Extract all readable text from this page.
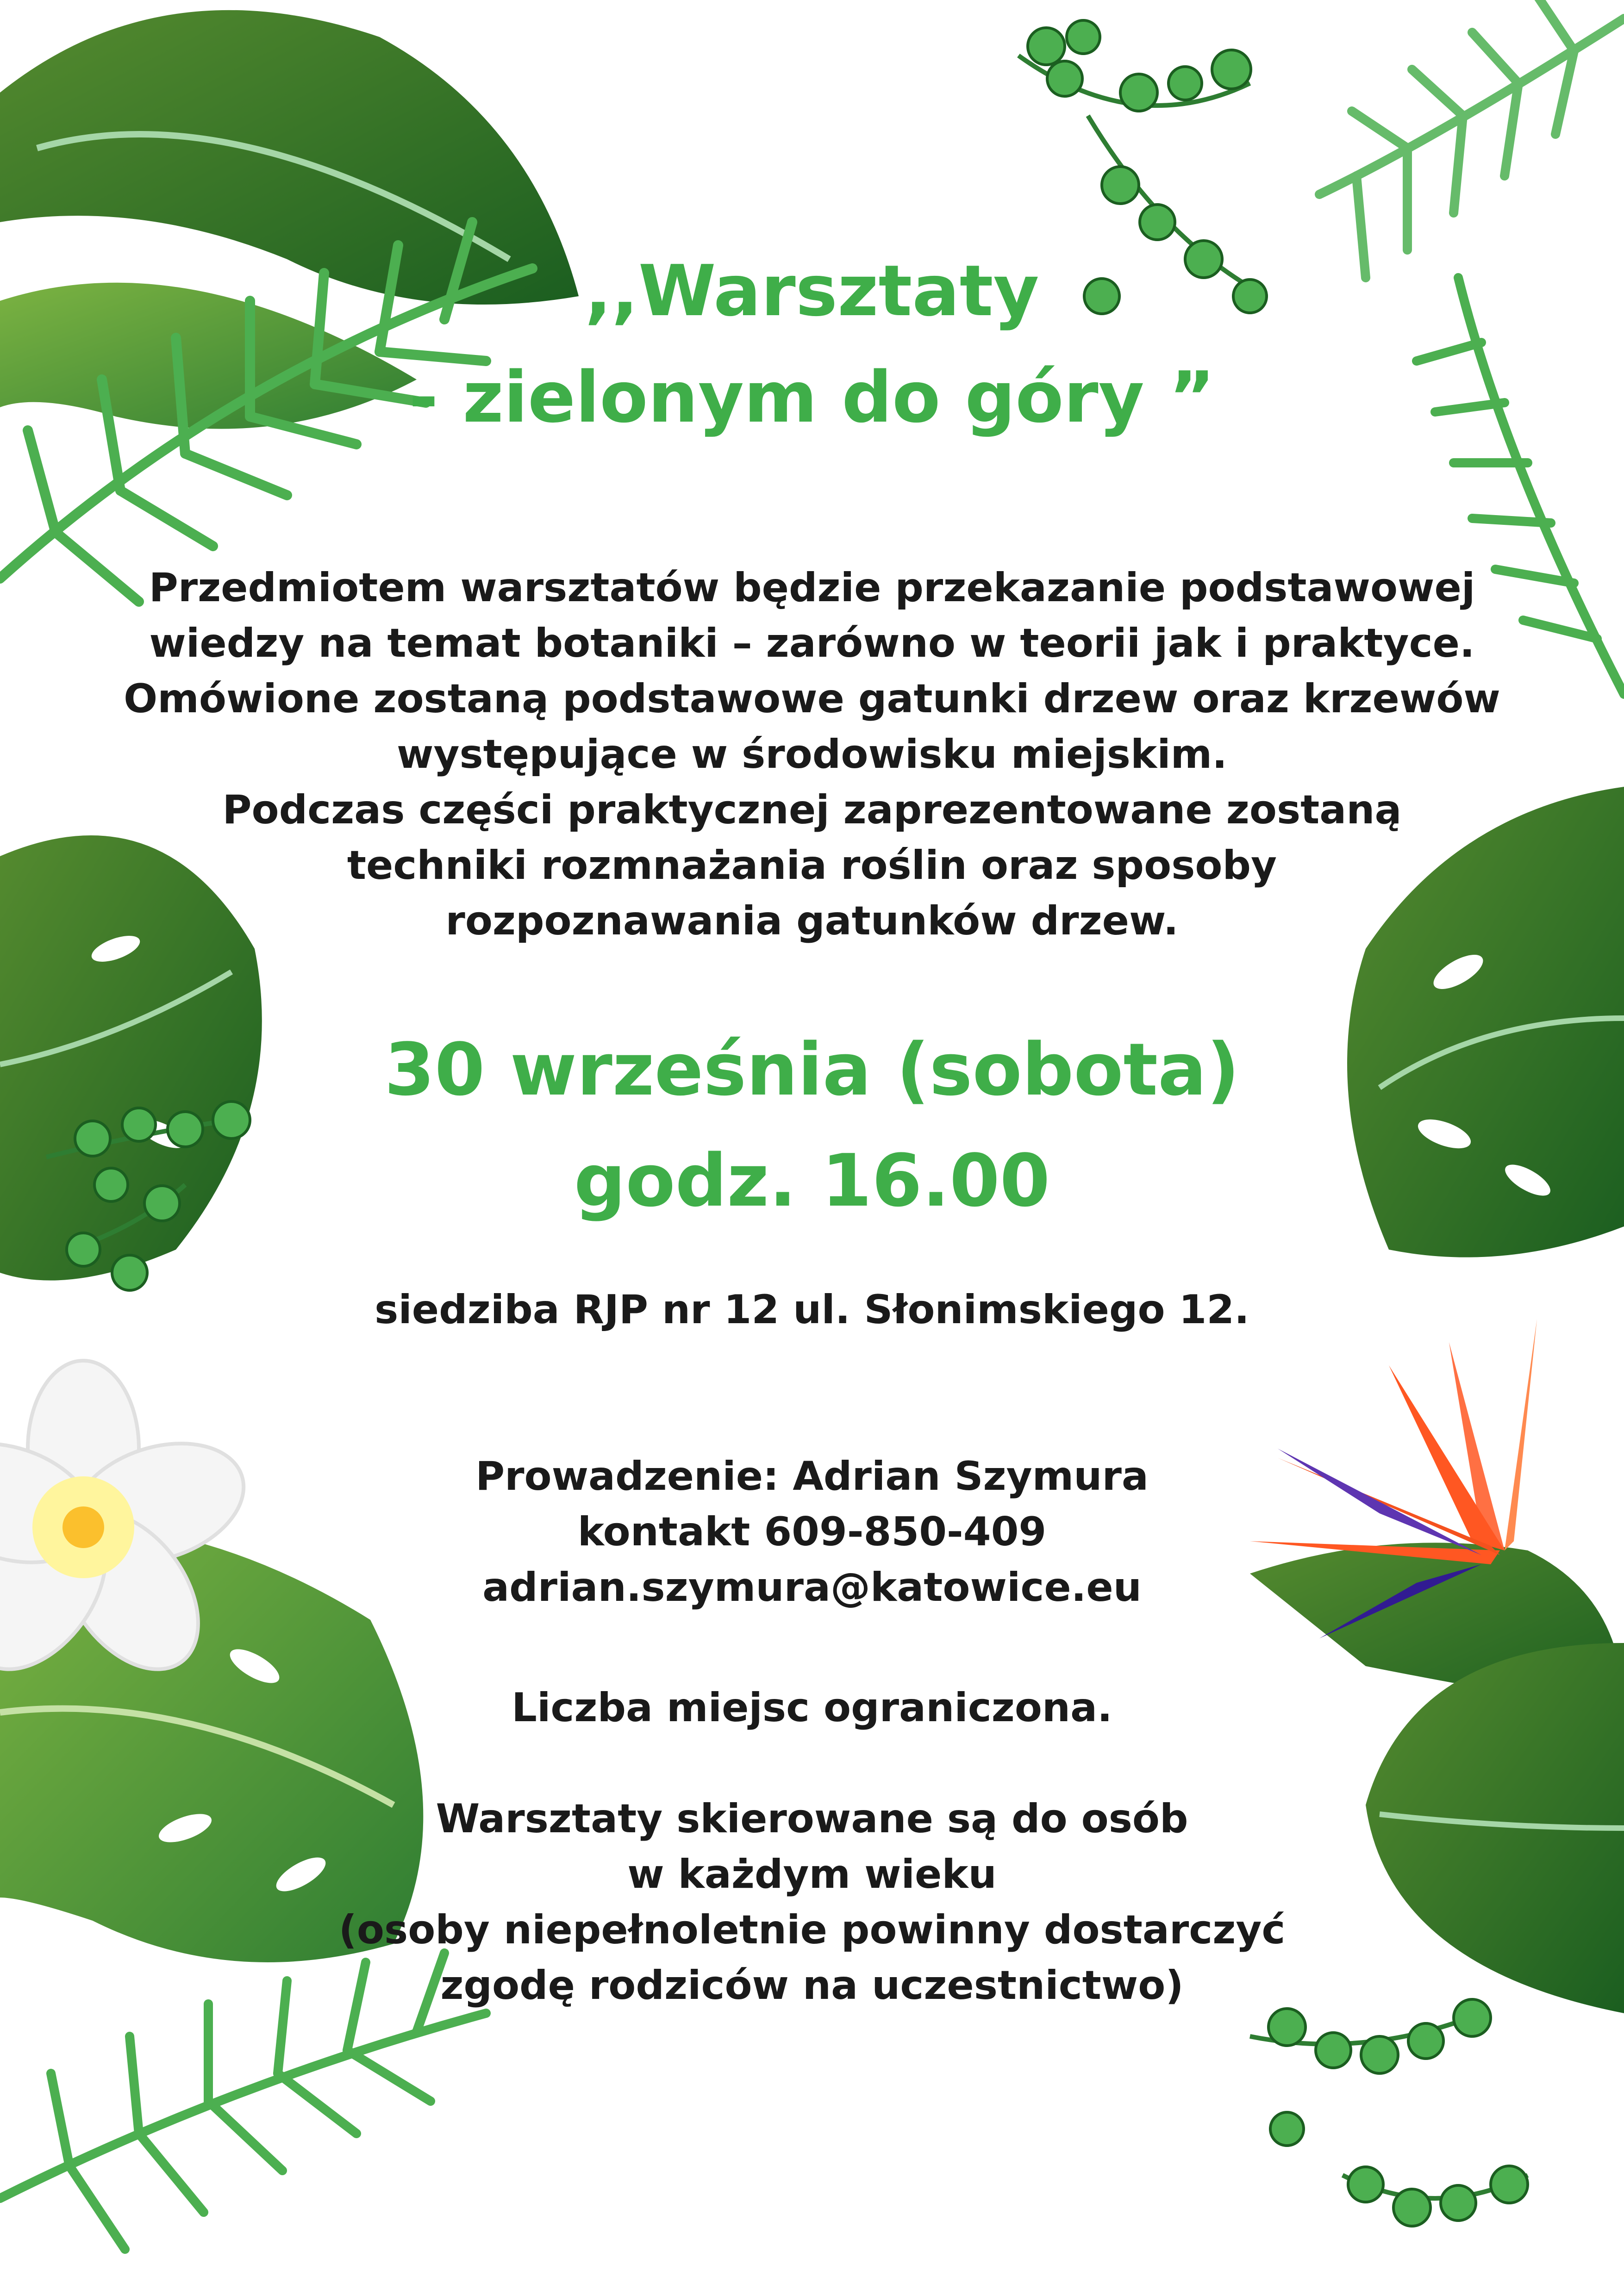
,,Warsztaty
- zielonym do góry ”
Przedmiotem warsztatów będzie przekazanie podstawowej
wiedzy na temat botaniki – zarówno w teorii jak i praktyce.
Omówione zostaną podstawowe gatunki drzew oraz krzewów
występujące w środowisku miejskim.
Podczas części praktycznej zaprezentowane zostaną
techniki rozmnażania roślin oraz sposoby
rozpoznawania gatunków drzew.
30 września (sobota)
godz. 16.00
siedziba RJP nr 12 ul. Słonimskiego 12.
Prowadzenie: Adrian Szymura
kontakt 609-850-409
adrian.szymura@katowice.eu
Liczba miejsc ograniczona.
Warsztaty skierowane są do osób
w każdym wieku
(osoby niepełnoletnie powinny dostarczyć
zgodę rodziców na uczestnictwo)
